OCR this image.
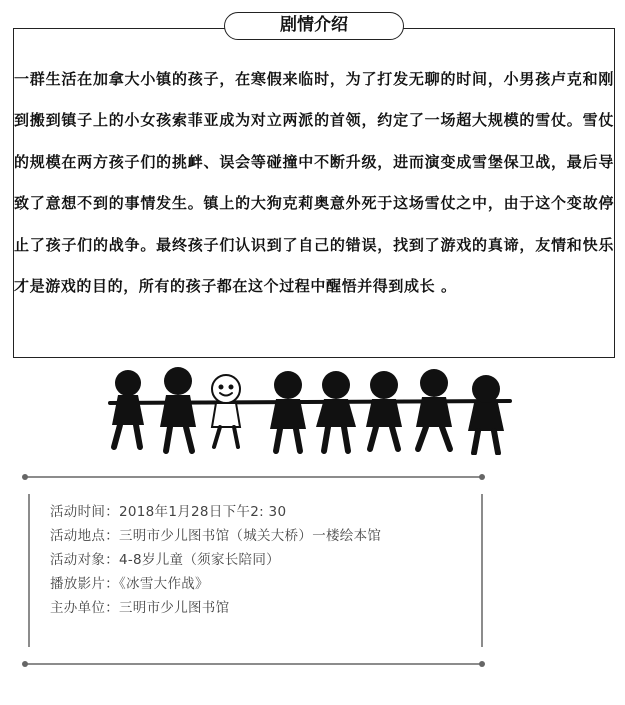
剧情介绍

一群生活在加拿大小镇的孩子，在寒假来临时，为了打发无聊的时间，小男孩卢克和刚到搬到镇子上的小女孩索菲亚成为对立两派的首领，约定了一场超大规模的雪仗。雪仗的规模在两方孩子们的挑衅、误会等碰撞中不断升级，进而演变成雪堡保卫战，最后导致了意想不到的事情发生。镇上的大狗克莉奥意外死于这场雪仗之中，由于这个变故停止了孩子们的战争。最终孩子们认识到了自己的错误，找到了游戏的真谛，友情和快乐才是游戏的目的，所有的孩子都在这个过程中醒悟并得到成长 。

活动时间：2018年1月28日下午2: 30
活动地点：三明市少儿图书馆（城关大桥）一楼绘本馆
活动对象：4-8岁儿童（须家长陪同）
播放影片：《冰雪大作战》
主办单位：三明市少儿图书馆
